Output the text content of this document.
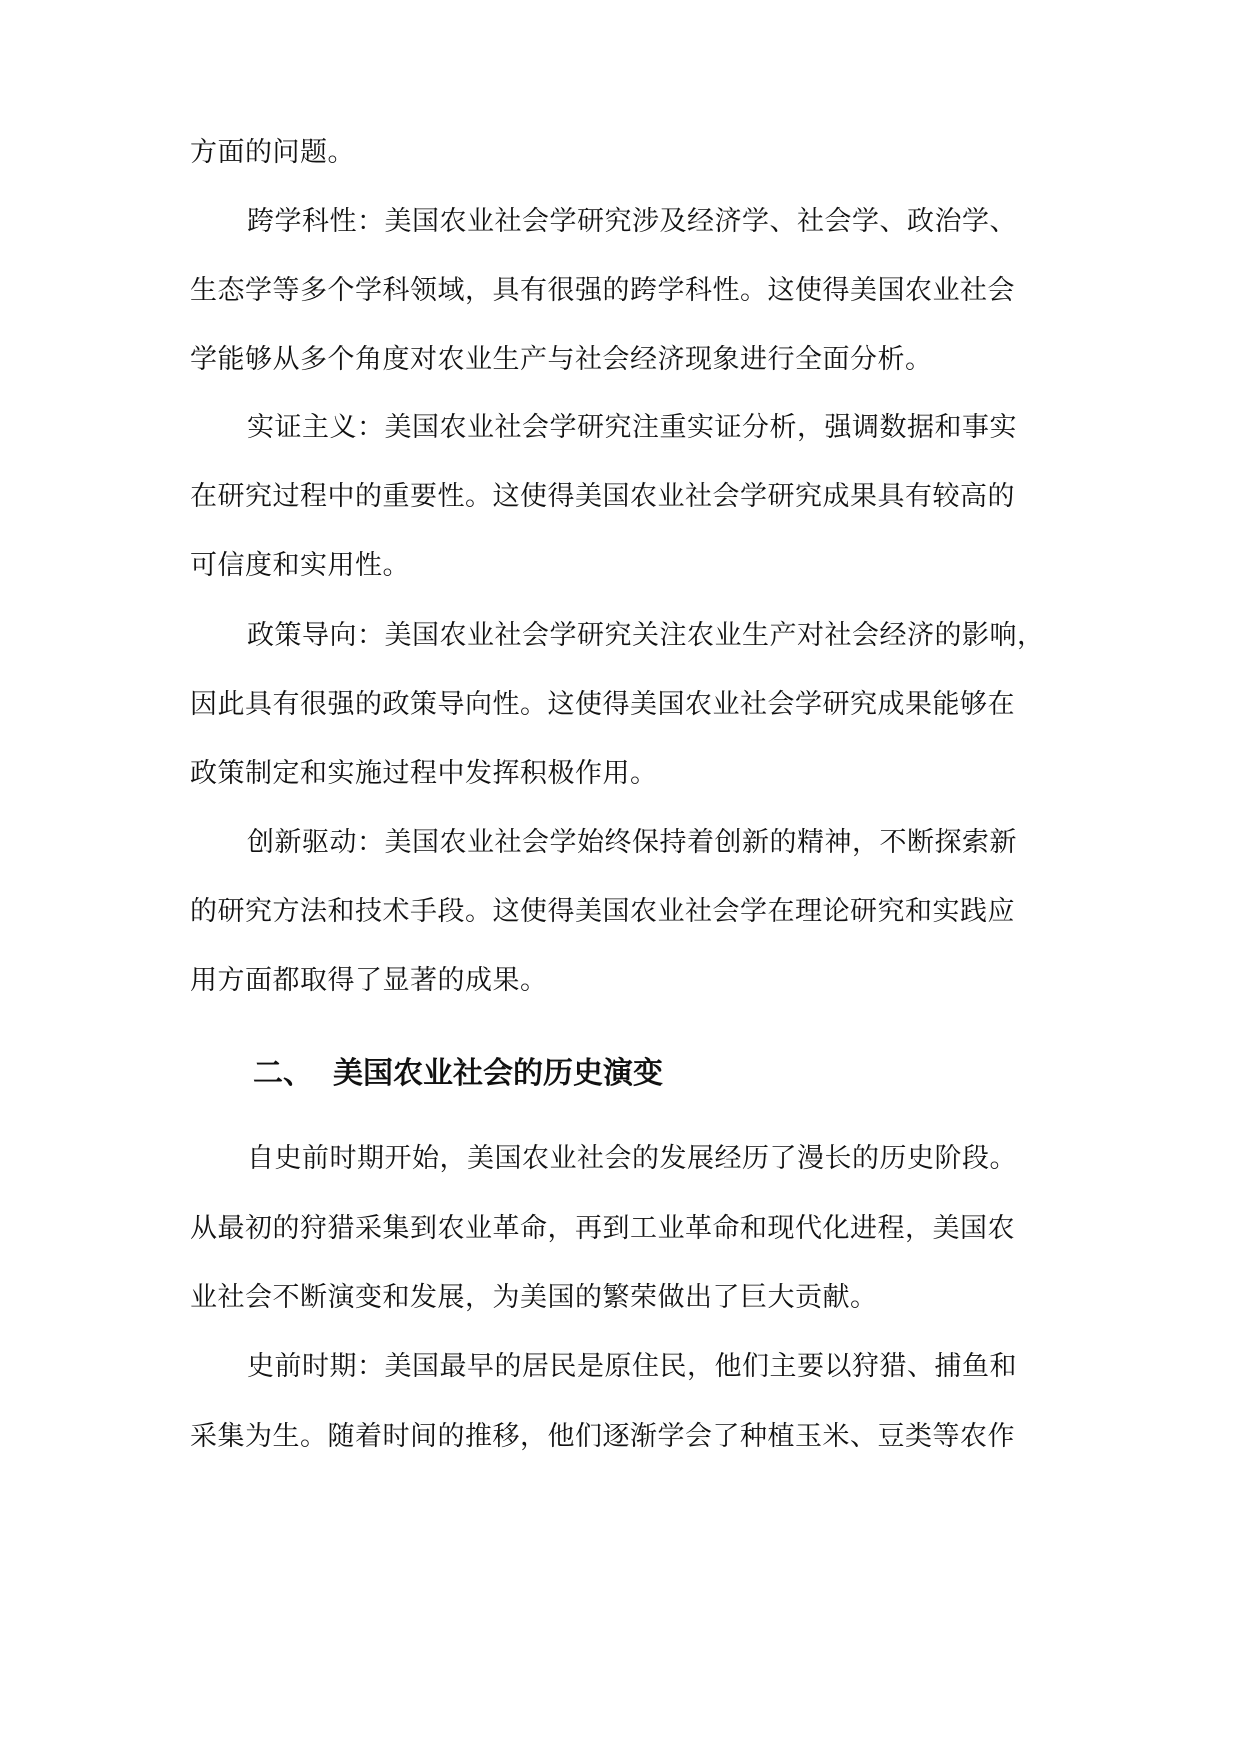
方面的问题。
跨学科性：美国农业社会学研究涉及经济学、社会学、政治学、
生态学等多个学科领域，具有很强的跨学科性。这使得美国农业社会
学能够从多个角度对农业生产与社会经济现象进行全面分析。
实证主义：美国农业社会学研究注重实证分析，强调数据和事实
在研究过程中的重要性。这使得美国农业社会学研究成果具有较高的
可信度和实用性。
政策导向：美国农业社会学研究关注农业生产对社会经济的影响，
因此具有很强的政策导向性。这使得美国农业社会学研究成果能够在
政策制定和实施过程中发挥积极作用。
创新驱动：美国农业社会学始终保持着创新的精神，不断探索新
的研究方法和技术手段。这使得美国农业社会学在理论研究和实践应
用方面都取得了显著的成果。
二、 美国农业社会的历史演变
自史前时期开始，美国农业社会的发展经历了漫长的历史阶段。
从最初的狩猎采集到农业革命，再到工业革命和现代化进程，美国农
业社会不断演变和发展，为美国的繁荣做出了巨大贡献。
史前时期：美国最早的居民是原住民，他们主要以狩猎、捕鱼和
采集为生。随着时间的推移，他们逐渐学会了种植玉米、豆类等农作
